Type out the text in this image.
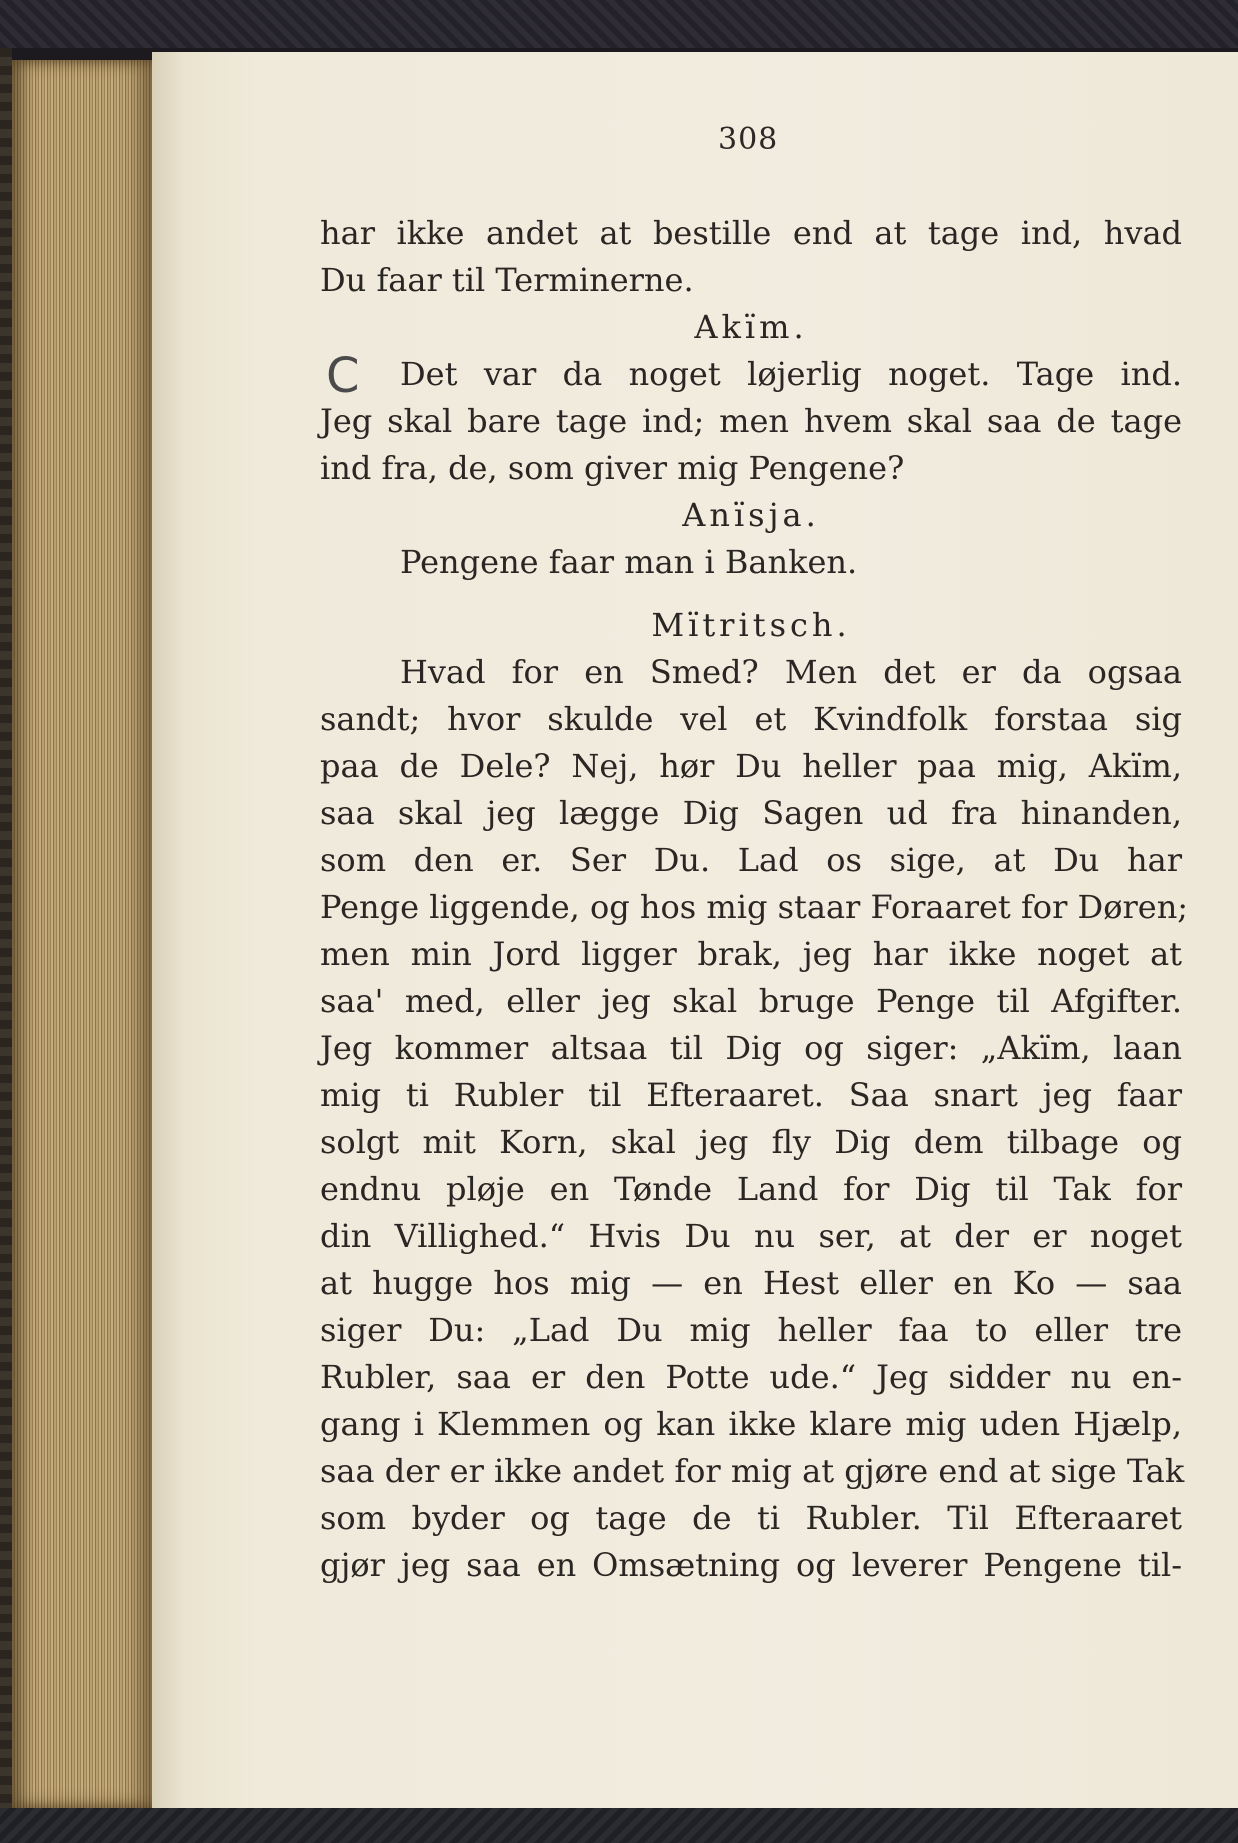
308
C
har ikke andet at bestille end at tage ind, hvad
Du faar til Terminerne.
Akïm.
Det var da noget løjerlig noget. Tage ind.
Jeg skal bare tage ind; men hvem skal saa de tage
ind fra, de, som giver mig Pengene?
Anïsja.
Pengene faar man i Banken.
Mïtritsch.
Hvad for en Smed? Men det er da ogsaa
sandt; hvor skulde vel et Kvindfolk forstaa sig
paa de Dele? Nej, hør Du heller paa mig, Akïm,
saa skal jeg lægge Dig Sagen ud fra hinanden,
som den er. Ser Du. Lad os sige, at Du har
Penge liggende, og hos mig staar Foraaret for Døren;
men min Jord ligger brak, jeg har ikke noget at
saa' med, eller jeg skal bruge Penge til Afgifter.
Jeg kommer altsaa til Dig og siger: „Akïm, laan
mig ti Rubler til Efteraaret. Saa snart jeg faar
solgt mit Korn, skal jeg fly Dig dem tilbage og
endnu pløje en Tønde Land for Dig til Tak for
din Villighed.“ Hvis Du nu ser, at der er noget
at hugge hos mig — en Hest eller en Ko — saa
siger Du: „Lad Du mig heller faa to eller tre
Rubler, saa er den Potte ude.“ Jeg sidder nu en-
gang i Klemmen og kan ikke klare mig uden Hjælp,
saa der er ikke andet for mig at gjøre end at sige Tak
som byder og tage de ti Rubler. Til Efteraaret
gjør jeg saa en Omsætning og leverer Pengene til-
